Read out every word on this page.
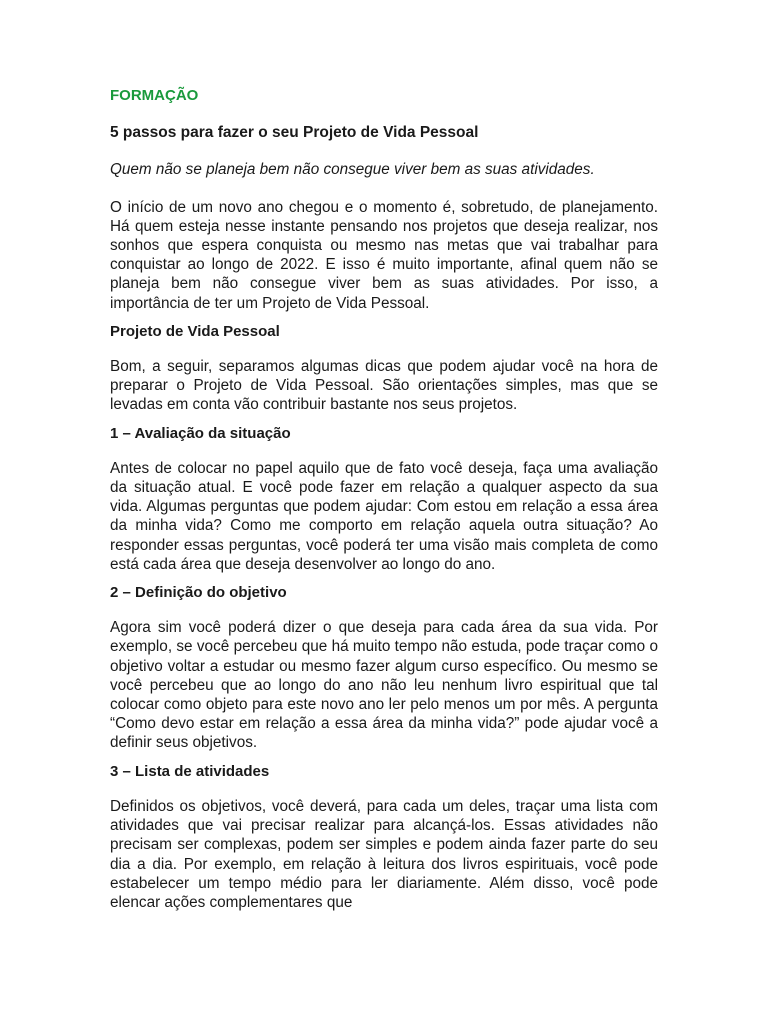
FORMAÇÃO
5 passos para fazer o seu Projeto de Vida Pessoal
Quem não se planeja bem não consegue viver bem as suas atividades.
O início de um novo ano chegou e o momento é, sobretudo, de planejamento. Há quem esteja nesse instante pensando nos projetos que deseja realizar, nos sonhos que espera conquista ou mesmo nas metas que vai trabalhar para conquistar ao longo de 2022. E isso é muito importante, afinal quem não se planeja bem não consegue viver bem as suas atividades. Por isso, a importância de ter um Projeto de Vida Pessoal.
Projeto de Vida Pessoal
Bom, a seguir, separamos algumas dicas que podem ajudar você na hora de preparar o Projeto de Vida Pessoal. São orientações simples, mas que se levadas em conta vão contribuir bastante nos seus projetos.
1 – Avaliação da situação
Antes de colocar no papel aquilo que de fato você deseja, faça uma avaliação da situação atual. E você pode fazer em relação a qualquer aspecto da sua vida. Algumas perguntas que podem ajudar: Com estou em relação a essa área da minha vida? Como me comporto em relação aquela outra situação? Ao responder essas perguntas, você poderá ter uma visão mais completa de como está cada área que deseja desenvolver ao longo do ano.
2 – Definição do objetivo
Agora sim você poderá dizer o que deseja para cada área da sua vida. Por exemplo, se você percebeu que há muito tempo não estuda, pode traçar como o objetivo voltar a estudar ou mesmo fazer algum curso específico. Ou mesmo se você percebeu que ao longo do ano não leu nenhum livro espiritual que tal colocar como objeto para este novo ano ler pelo menos um por mês. A pergunta “Como devo estar em relação a essa área da minha vida?” pode ajudar você a definir seus objetivos.
3 – Lista de atividades
Definidos os objetivos, você deverá, para cada um deles, traçar uma lista com atividades que vai precisar realizar para alcançá-los. Essas atividades não precisam ser complexas, podem ser simples e podem ainda fazer parte do seu dia a dia. Por exemplo, em relação à leitura dos livros espirituais, você pode estabelecer um tempo médio para ler diariamente. Além disso, você pode elencar ações complementares que
